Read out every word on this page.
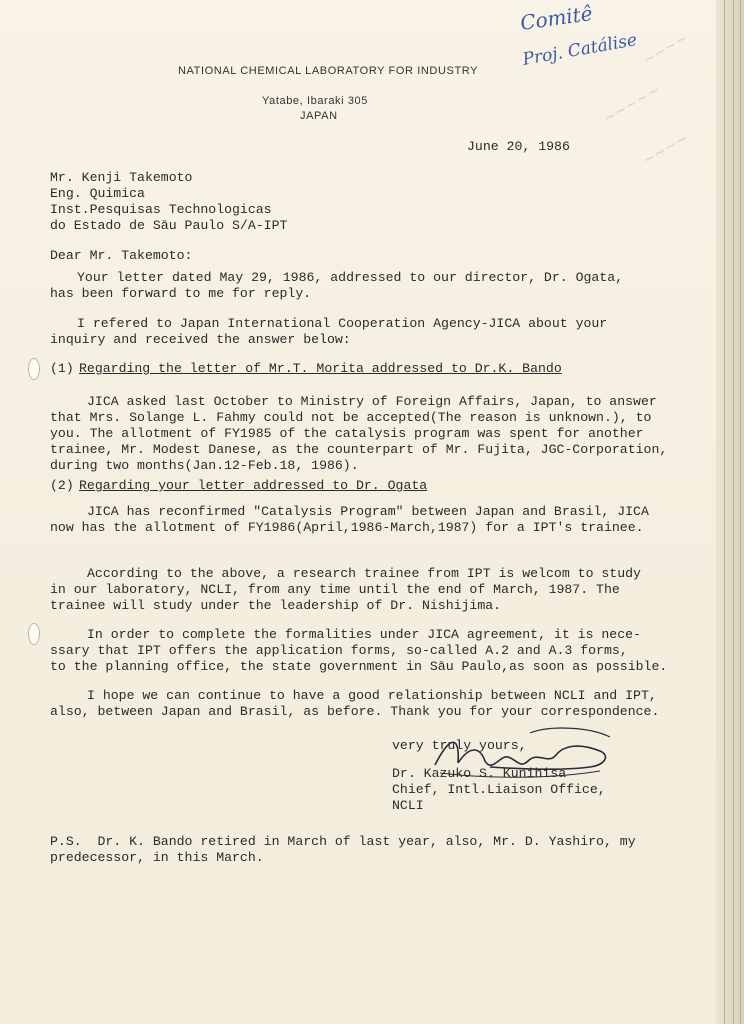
~~~~
~~~~~
~~~~
Comitê
Proj. Catálise
NATIONAL CHEMICAL LABORATORY FOR INDUSTRY
Yatabe, Ibaraki 305
JAPAN
June 20, 1986
Mr. Kenji Takemoto
Eng. Quimica
Inst.Pesquisas Technologicas
do Estado de Sāu Paulo S/A-IPT
Dear Mr. Takemoto:
Your letter dated May 29, 1986, addressed to our director, Dr. Ogata,
has been forward to me for reply.
I refered to Japan International Cooperation Agency-JICA about your
inquiry and received the answer below:
(1) Regarding the letter of Mr.T. Morita addressed to Dr.K. Bando
JICA asked last October to Ministry of Foreign Affairs, Japan, to answer
that Mrs. Solange L. Fahmy could not be accepted(The reason is unknown.), to
you. The allotment of FY1985 of the catalysis program was spent for another
trainee, Mr. Modest Danese, as the counterpart of Mr. Fujita, JGC-Corporation,
during two months(Jan.12-Feb.18, 1986).
(2) Regarding your letter addressed to Dr. Ogata
JICA has reconfirmed "Catalysis Program" between Japan and Brasil, JICA
now has the allotment of FY1986(April,1986-March,1987) for a IPT's trainee.
According to the above, a research trainee from IPT is welcom to study
in our laboratory, NCLI, from any time until the end of March, 1987. The
trainee will study under the leadership of Dr. Nishijima.
In order to complete the formalities under JICA agreement, it is nece-
ssary that IPT offers the application forms, so-called A.2 and A.3 forms,
to the planning office, the state government in Sāu Paulo,as soon as possible.
I hope we can continue to have a good relationship between NCLI and IPT,
also, between Japan and Brasil, as before. Thank you for your correspondence.
very truly yours,
Dr. Kazuko S. Kunihisa
Chief, Intl.Liaison Office,
NCLI
P.S.  Dr. K. Bando retired in March of last year, also, Mr. D. Yashiro, my
predecessor, in this March.
